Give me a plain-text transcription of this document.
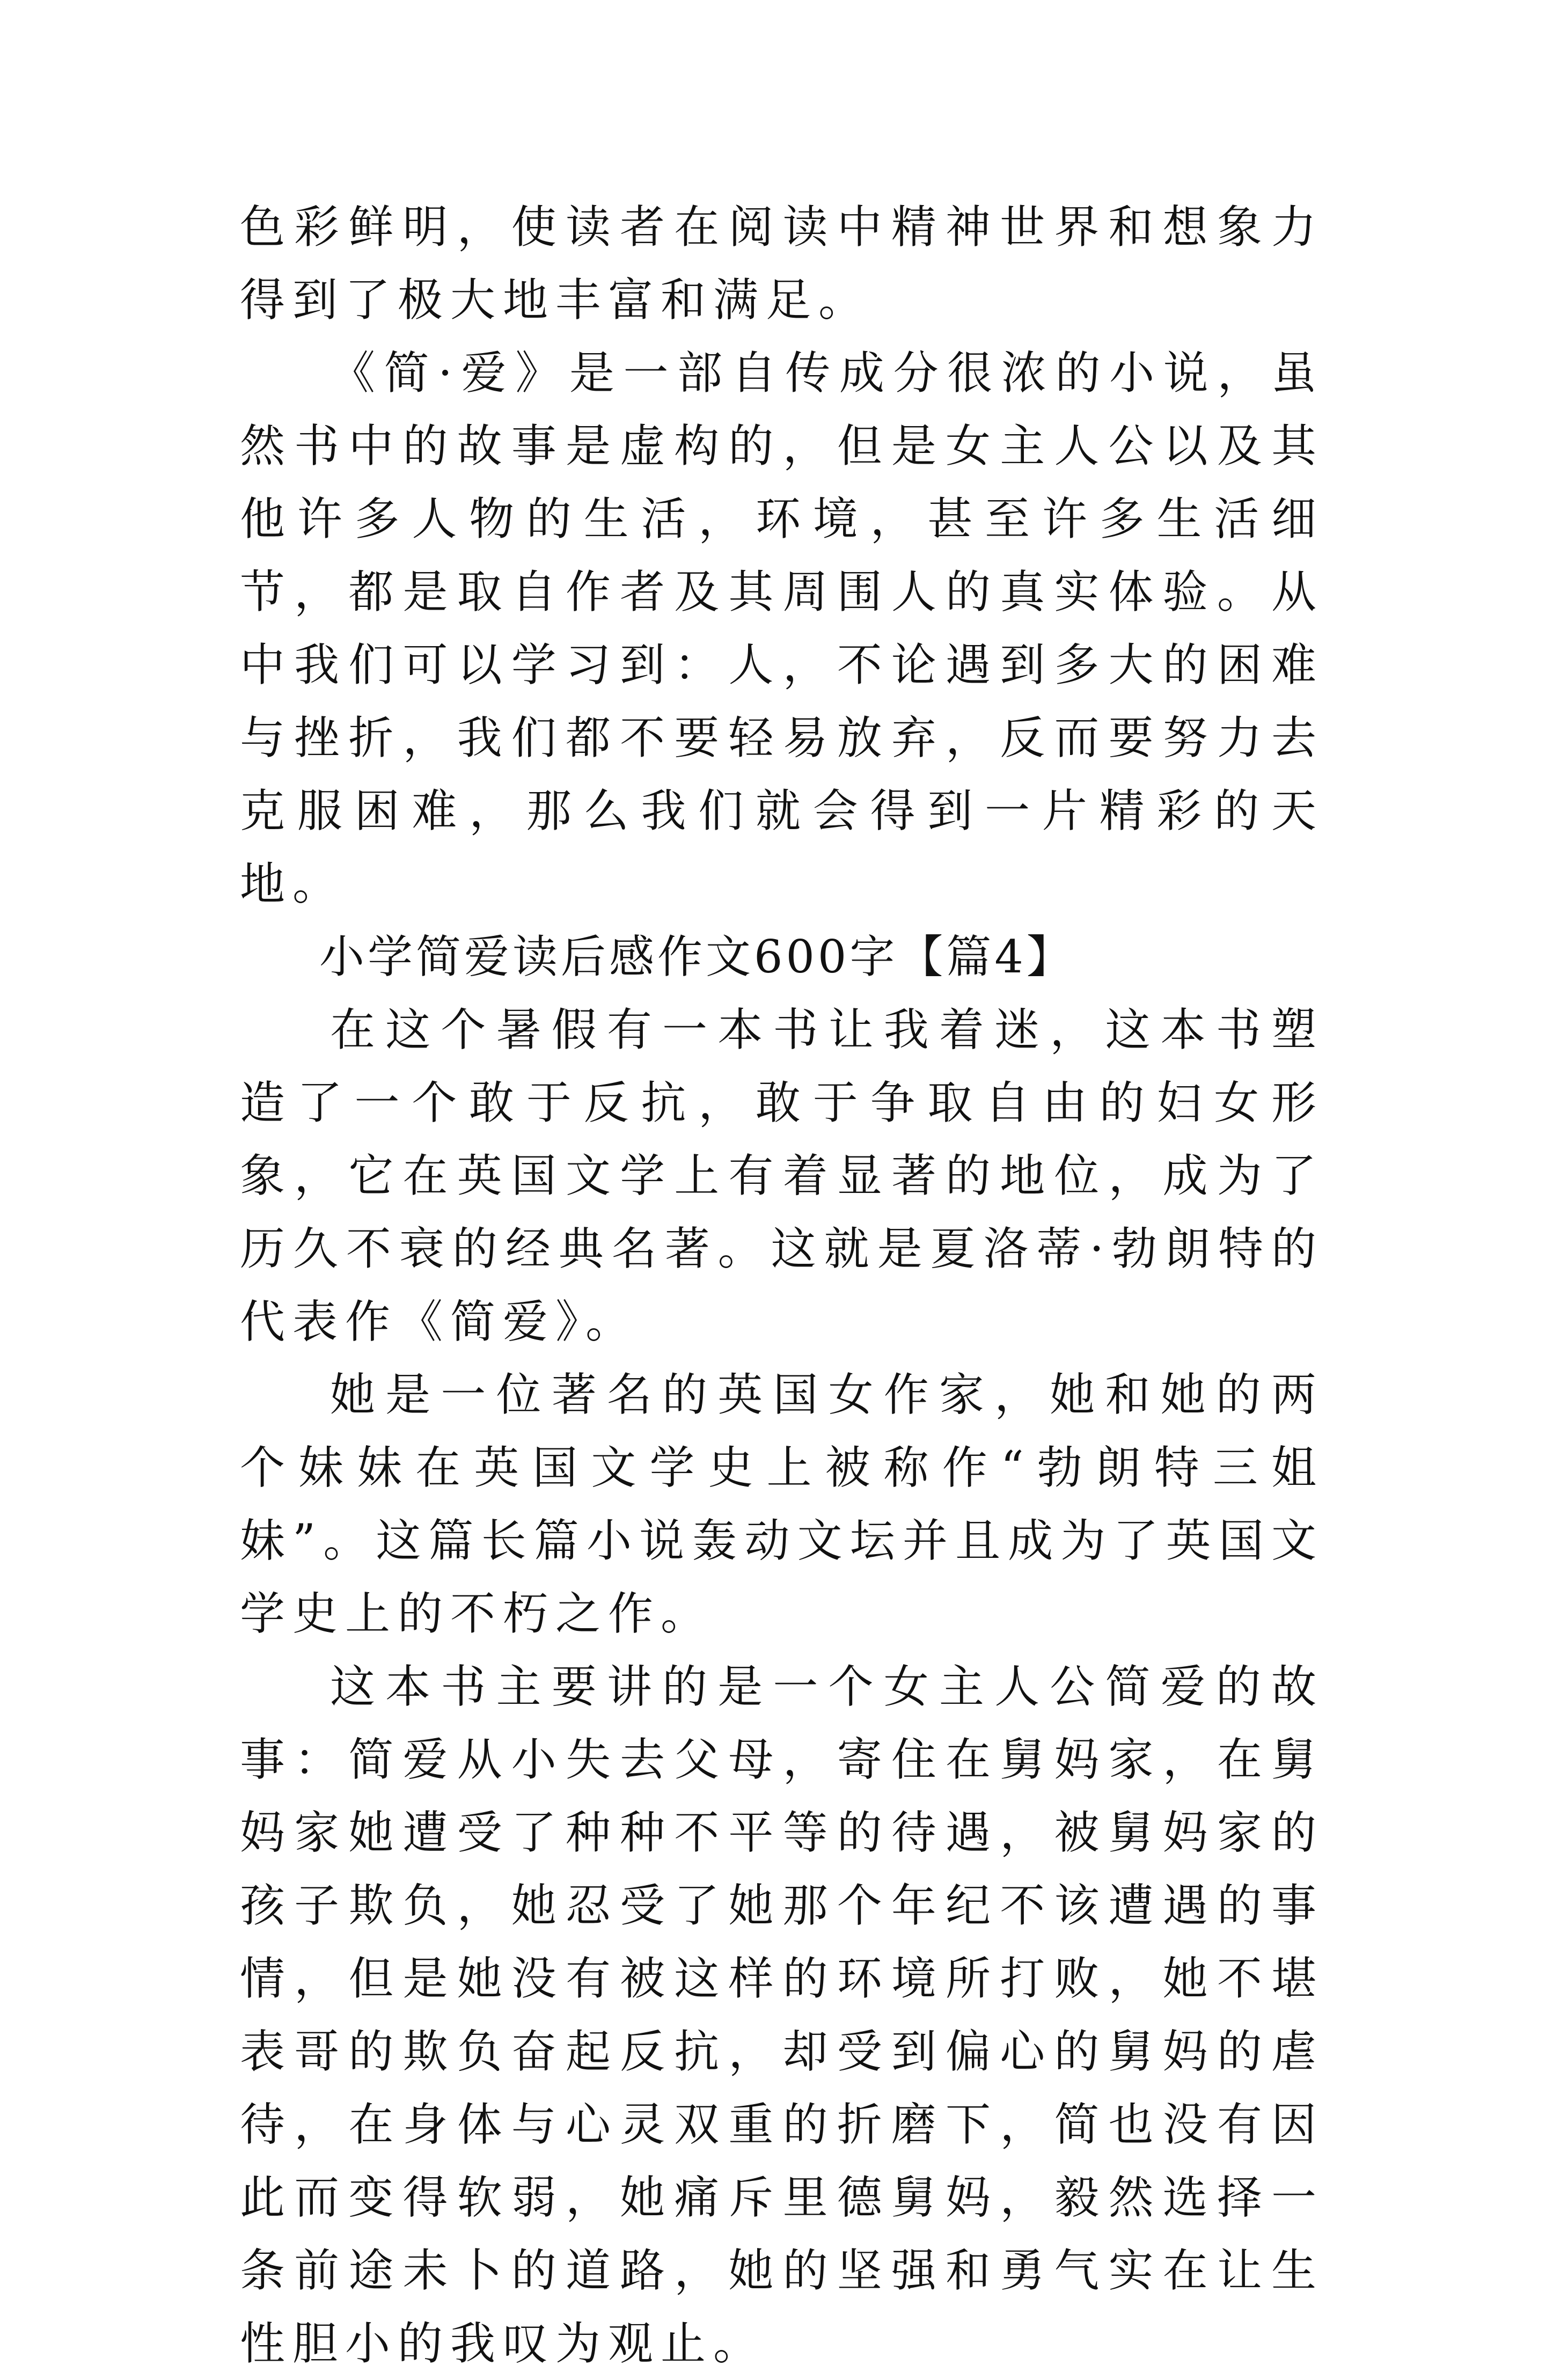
色彩鲜明，使读者在阅读中精神世界和想象力得到了极大地丰富和满足。

《简·爱》是一部自传成分很浓的小说，虽然书中的故事是虚构的，但是女主人公以及其他许多人物的生活，环境，甚至许多生活细节，都是取自作者及其周围人的真实体验。从中我们可以学习到：人，不论遇到多大的困难与挫折，我们都不要轻易放弃，反而要努力去克服困难，那么我们就会得到一片精彩的天地。

小学简爱读后感作文600字【篇4】

在这个暑假有一本书让我着迷，这本书塑造了一个敢于反抗，敢于争取自由的妇女形象，它在英国文学上有着显著的地位，成为了历久不衰的经典名著。这就是夏洛蒂·勃朗特的代表作《简爱》。

她是一位著名的英国女作家，她和她的两个妹妹在英国文学史上被称作“勃朗特三姐妹”。这篇长篇小说轰动文坛并且成为了英国文学史上的不朽之作。

这本书主要讲的是一个女主人公简爱的故事：简爱从小失去父母，寄住在舅妈家，在舅妈家她遭受了种种不平等的待遇，被舅妈家的孩子欺负，她忍受了她那个年纪不该遭遇的事情，但是她没有被这样的环境所打败，她不堪表哥的欺负奋起反抗，却受到偏心的舅妈的虐待，在身体与心灵双重的折磨下，简也没有因此而变得软弱，她痛斥里德舅妈，毅然选择一条前途未卜的道路，她的坚强和勇气实在让生性胆小的我叹为观止。
